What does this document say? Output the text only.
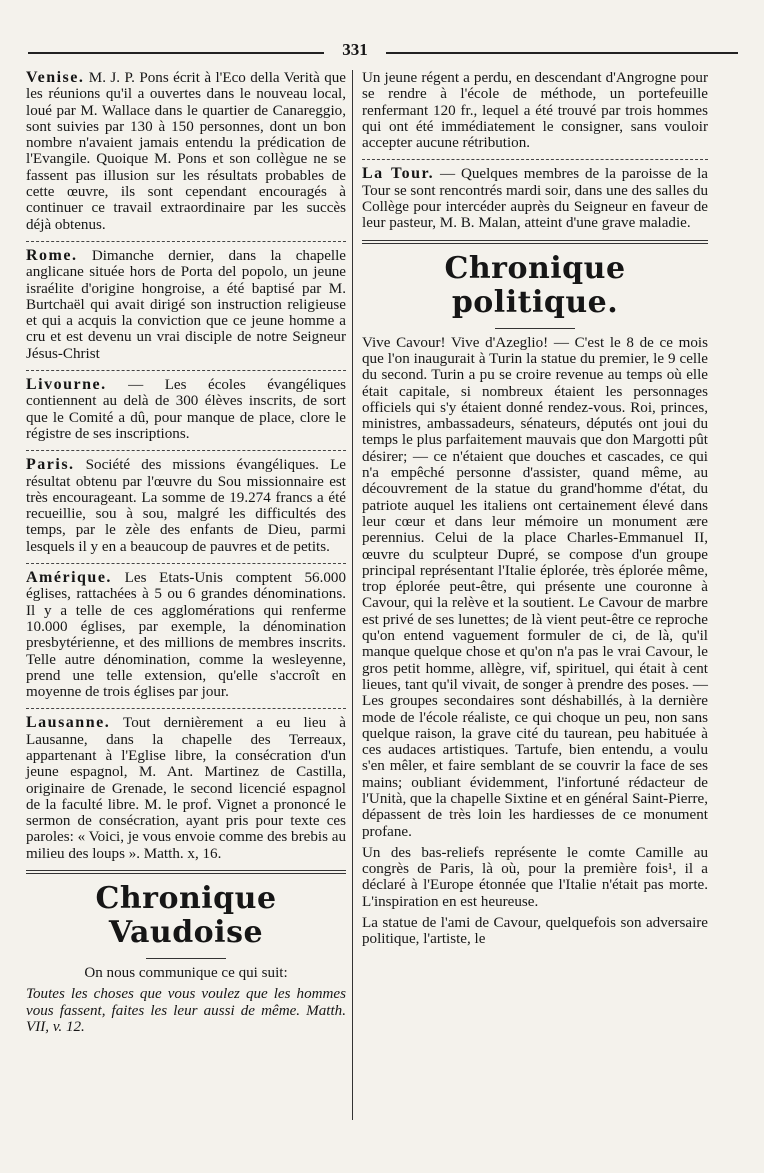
331

Venise. M. J. P. Pons écrit à l'Eco della Verità que les réunions qu'il a ouvertes dans le nouveau local, loué par M. Wallace dans le quartier de Canareggio, sont suivies par 130 à 150 personnes, dont un bon nombre n'avaient jamais entendu la prédication de l'Evangile. Quoique M. Pons et son collègue ne se fassent pas illusion sur les résultats probables de cette œuvre, ils sont cependant encouragés à continuer ce travail extraordinaire par les succès déjà obtenus.

Rome. Dimanche dernier, dans la chapelle anglicane située hors de Porta del popolo, un jeune israélite d'origine hongroise, a été baptisé par M. Burtchaël qui avait dirigé son instruction religieuse et qui a acquis la conviction que ce jeune homme a cru et est devenu un vrai disciple de notre Seigneur Jésus-Christ

Livourne. — Les écoles évangéliques contiennent au delà de 300 élèves inscrits, de sort que le Comité a dû, pour manque de place, clore le régistre de ses inscriptions.

Paris. Société des missions évangéliques. Le résultat obtenu par l'œuvre du Sou missionnaire est très encourageant. La somme de 19.274 francs a été recueillie, sou à sou, malgré les difficultés des temps, par le zèle des enfants de Dieu, parmi lesquels il y en a beaucoup de pauvres et de petits.

Amérique. Les Etats-Unis comptent 56.000 églises, rattachées à 5 ou 6 grandes dénominations. Il y a telle de ces agglomérations qui renferme 10.000 églises, par exemple, la dénomination presbytérienne, et des millions de membres inscrits. Telle autre dénomination, comme la wesleyenne, prend une telle extension, qu'elle s'accroît en moyenne de trois églises par jour.

Lausanne. Tout dernièrement a eu lieu à Lausanne, dans la chapelle des Terreaux, appartenant à l'Eglise libre, la consécration d'un jeune espagnol, M. Ant. Martinez de Castilla, originaire de Grenade, le second licencié espagnol de la faculté libre. M. le prof. Vignet a prononcé le sermon de consécration, ayant pris pour texte ces paroles: « Voici, je vous envoie comme des brebis au milieu des loups ». Matth. x, 16.

Chronique Vaudoise

On nous communique ce qui suit:

Toutes les choses que vous voulez que les hommes vous fassent, faites les leur aussi de même. Matth. VII, v. 12.

Un jeune régent a perdu, en descendant d'Angrogne pour se rendre à l'école de méthode, un portefeuille renfermant 120 fr., lequel a été trouvé par trois hommes qui ont été immédiatement le consigner, sans vouloir accepter aucune rétribution.

La Tour. — Quelques membres de la paroisse de la Tour se sont rencontrés mardi soir, dans une des salles du Collège pour intercéder auprès du Seigneur en faveur de leur pasteur, M. B. Malan, atteint d'une grave maladie.

Chronique politique.

Vive Cavour! Vive d'Azeglio! — C'est le 8 de ce mois que l'on inaugurait à Turin la statue du premier, le 9 celle du second. Turin a pu se croire revenue au temps où elle était capitale, si nombreux étaient les personnages officiels qui s'y étaient donné rendez-vous. Roi, princes, ministres, ambassadeurs, sénateurs, députés ont joui du temps le plus parfaitement mauvais que don Margotti pût désirer; — ce n'étaient que douches et cascades, ce qui n'a empêché personne d'assister, quand même, au découvrement de la statue du grand'homme d'état, du patriote auquel les italiens ont certainement élevé dans leur cœur et dans leur mémoire un monument ære perennius. Celui de la place Charles-Emmanuel II, œuvre du sculpteur Dupré, se compose d'un groupe principal représentant l'Italie éplorée, très éplorée même, trop éplorée peut-être, qui présente une couronne à Cavour, qui la relève et la soutient. Le Cavour de marbre est privé de ses lunettes; de là vient peut-être ce reproche qu'on entend vaguement formuler de ci, de là, qu'il manque quelque chose et qu'on n'a pas le vrai Cavour, le gros petit homme, allègre, vif, spirituel, qui était à cent lieues, tant qu'il vivait, de songer à prendre des poses. — Les groupes secondaires sont déshabillés, à la dernière mode de l'école réaliste, ce qui choque un peu, non sans quelque raison, la grave cité du taurean, peu habituée à ces audaces artistiques. Tartufe, bien entendu, a voulu s'en mêler, et faire semblant de se couvrir la face de ses mains; oubliant évidemment, l'infortuné rédacteur de l'Unità, que la chapelle Sixtine et en général Saint-Pierre, dépassent de très loin les hardiesses de ce monument profane.

Un des bas-reliefs représente le comte Camille au congrès de Paris, là où, pour la première fois¹, il a déclaré à l'Europe étonnée que l'Italie n'était pas morte. L'inspiration en est heureuse.

La statue de l'ami de Cavour, quelquefois son adversaire politique, l'artiste, le
